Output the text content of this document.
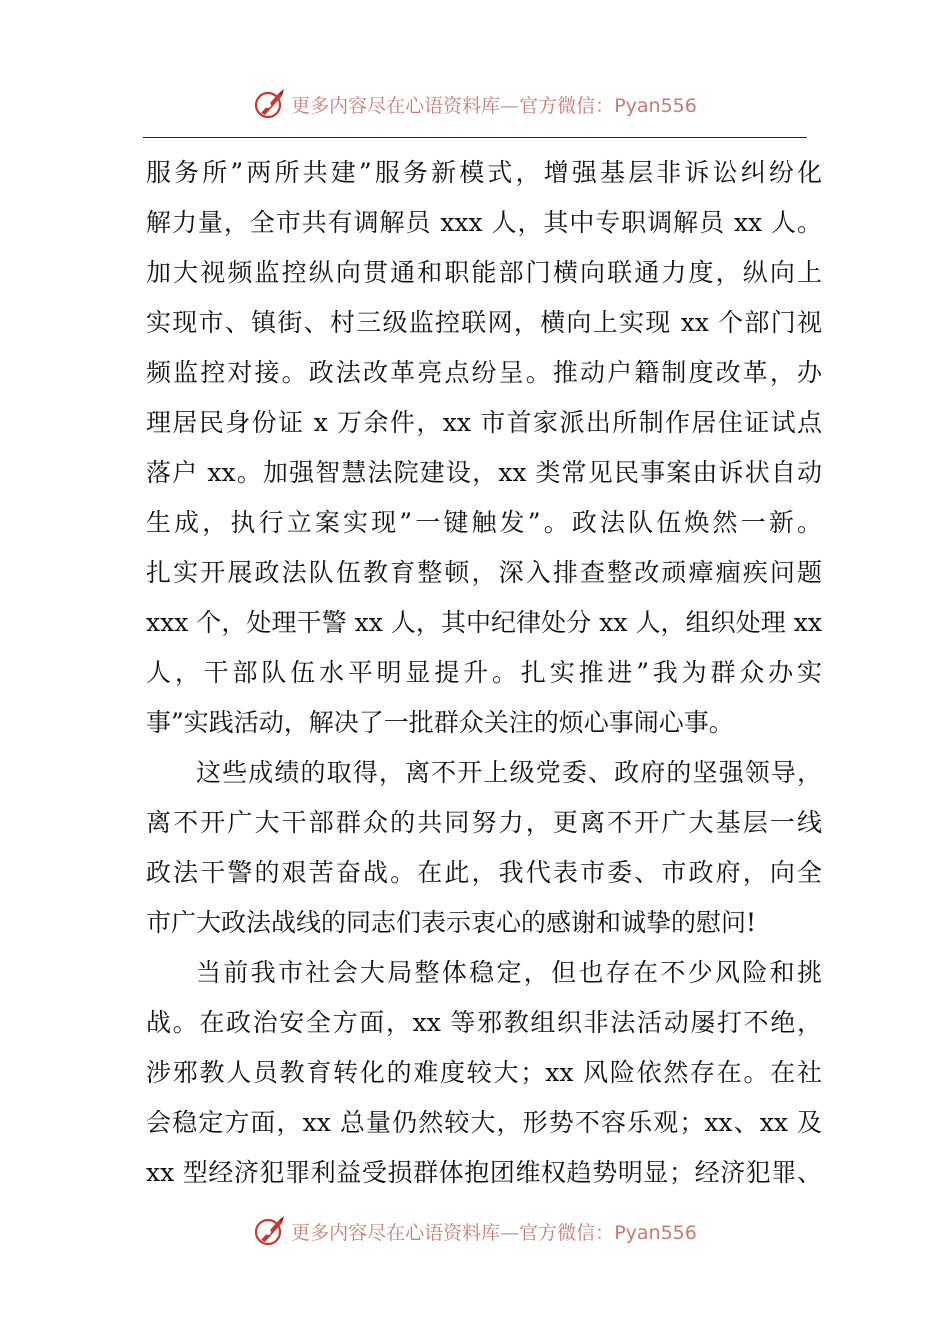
更多内容尽在心语资料库—官方微信：Pyan556
服务所”两所共建”服务新模式，增强基层非诉讼纠纷化
解力量，全市共有调解员 xxx 人，其中专职调解员 xx 人。
加大视频监控纵向贯通和职能部门横向联通力度，纵向上
实现市、镇街、村三级监控联网，横向上实现 xx 个部门视
频监控对接。政法改革亮点纷呈。推动户籍制度改革，办
理居民身份证 x 万余件，xx 市首家派出所制作居住证试点
落户 xx。加强智慧法院建设，xx 类常见民事案由诉状自动
生成，执行立案实现”一键触发”。政法队伍焕然一新。
扎实开展政法队伍教育整顿，深入排查整改顽瘴痼疾问题
xxx 个，处理干警 xx 人，其中纪律处分 xx 人，组织处理 xx
人，干部队伍水平明显提升。扎实推进”我为群众办实
事”实践活动，解决了一批群众关注的烦心事闹心事。
这些成绩的取得，离不开上级党委、政府的坚强领导，
离不开广大干部群众的共同努力，更离不开广大基层一线
政法干警的艰苦奋战。在此，我代表市委、市政府，向全
市广大政法战线的同志们表示衷心的感谢和诚挚的慰问!
当前我市社会大局整体稳定，但也存在不少风险和挑
战。在政治安全方面，xx 等邪教组织非法活动屡打不绝，
涉邪教人员教育转化的难度较大；xx 风险依然存在。在社
会稳定方面，xx 总量仍然较大，形势不容乐观；xx、xx 及
xx 型经济犯罪利益受损群体抱团维权趋势明显；经济犯罪、
更多内容尽在心语资料库—官方微信：Pyan556
